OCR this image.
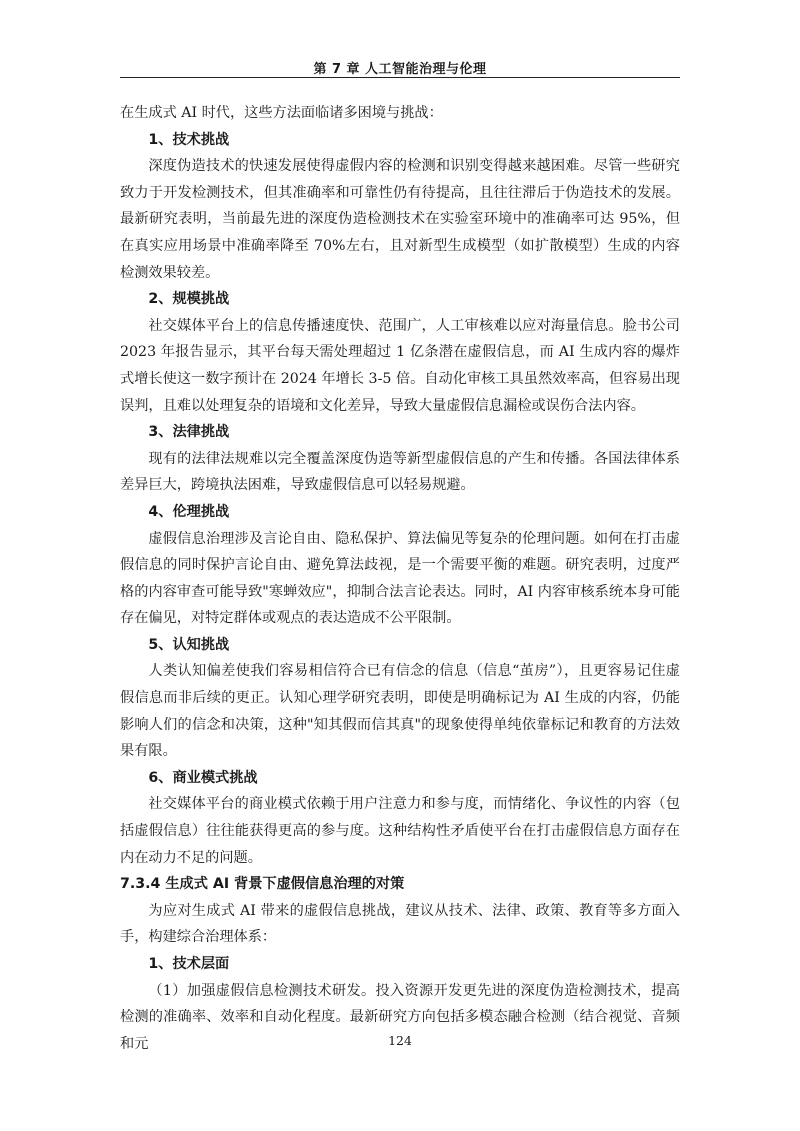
第 7 章 人工智能治理与伦理

在生成式 AI 时代，这些方法面临诸多困境与挑战：

1、技术挑战

深度伪造技术的快速发展使得虚假内容的检测和识别变得越来越困难。尽管一些研究致力于开发检测技术，但其准确率和可靠性仍有待提高，且往往滞后于伪造技术的发展。最新研究表明，当前最先进的深度伪造检测技术在实验室环境中的准确率可达 95%，但在真实应用场景中准确率降至 70%左右，且对新型生成模型（如扩散模型）生成的内容检测效果较差。

2、规模挑战

社交媒体平台上的信息传播速度快、范围广，人工审核难以应对海量信息。脸书公司 2023 年报告显示，其平台每天需处理超过 1 亿条潜在虚假信息，而 AI 生成内容的爆炸式增长使这一数字预计在 2024 年增长 3-5 倍。自动化审核工具虽然效率高，但容易出现误判，且难以处理复杂的语境和文化差异，导致大量虚假信息漏检或误伤合法内容。

3、法律挑战

现有的法律法规难以完全覆盖深度伪造等新型虚假信息的产生和传播。各国法律体系差异巨大，跨境执法困难，导致虚假信息可以轻易规避。

4、伦理挑战

虚假信息治理涉及言论自由、隐私保护、算法偏见等复杂的伦理问题。如何在打击虚假信息的同时保护言论自由、避免算法歧视，是一个需要平衡的难题。研究表明，过度严格的内容审查可能导致"寒蝉效应"，抑制合法言论表达。同时，AI 内容审核系统本身可能存在偏见，对特定群体或观点的表达造成不公平限制。

5、认知挑战

人类认知偏差使我们容易相信符合已有信念的信息（信息“茧房”），且更容易记住虚假信息而非后续的更正。认知心理学研究表明，即使是明确标记为 AI 生成的内容，仍能影响人们的信念和决策，这种"知其假而信其真"的现象使得单纯依靠标记和教育的方法效果有限。

6、商业模式挑战

社交媒体平台的商业模式依赖于用户注意力和参与度，而情绪化、争议性的内容（包括虚假信息）往往能获得更高的参与度。这种结构性矛盾使平台在打击虚假信息方面存在内在动力不足的问题。

7.3.4 生成式 AI 背景下虚假信息治理的对策

为应对生成式 AI 带来的虚假信息挑战，建议从技术、法律、政策、教育等多方面入手，构建综合治理体系：

1、技术层面

（1）加强虚假信息检测技术研发。投入资源开发更先进的深度伪造检测技术，提高检测的准确率、效率和自动化程度。最新研究方向包括多模态融合检测（结合视觉、音频和元	124
